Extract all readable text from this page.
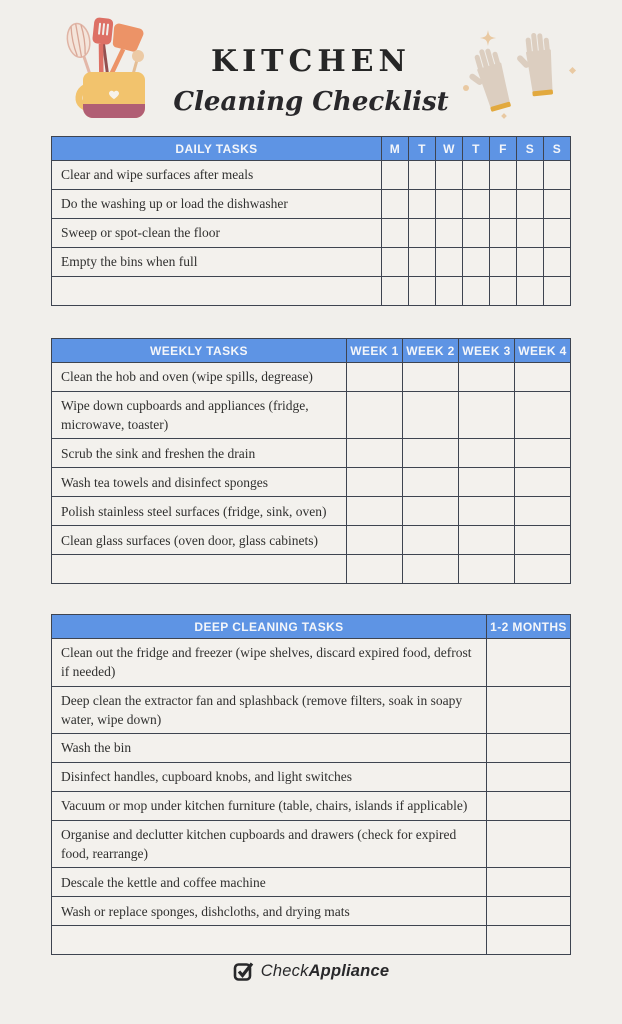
KITCHEN
Cleaning Checklist
DAILY TASKS	M	T	W	T	F	S	S
Clear and wipe surfaces after meals							
Do the washing up or load the dishwasher							
Sweep or spot-clean the floor							
Empty the bins when full							

WEEKLY TASKS	WEEK 1	WEEK 2	WEEK 3	WEEK 4
Clean the hob and oven (wipe spills, degrease)				
Wipe down cupboards and appliances (fridge, microwave, toaster)				
Scrub the sink and freshen the drain				
Wash tea towels and disinfect sponges				
Polish stainless steel surfaces (fridge, sink, oven)				
Clean glass surfaces (oven door, glass cabinets)				

DEEP CLEANING TASKS	1-2 MONTHS
Clean out the fridge and freezer (wipe shelves, discard expired food, defrost if needed)	
Deep clean the extractor fan and splashback (remove filters, soak in soapy water, wipe down)	
Wash the bin	
Disinfect handles, cupboard knobs, and light switches	
Vacuum or mop under kitchen furniture (table, chairs, islands if applicable)	
Organise and declutter kitchen cupboards and drawers (check for expired food, rearrange)	
Descale the kettle and coffee machine	
Wash or replace sponges, dishcloths, and drying mats	

CheckAppliance
